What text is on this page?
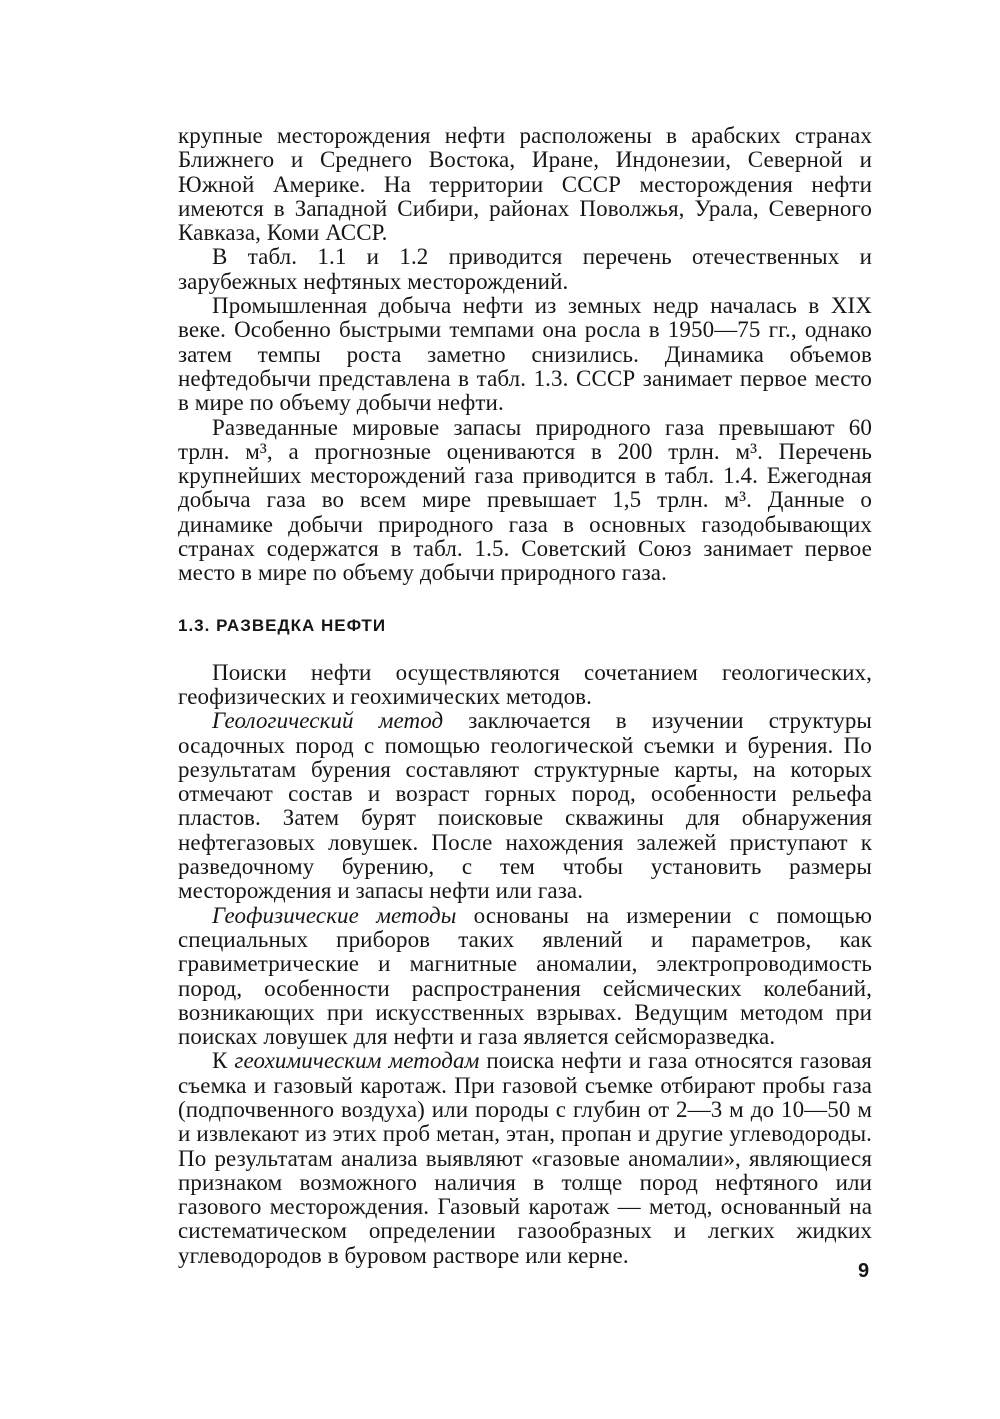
крупные месторождения нефти расположены в арабских странах Ближнего и Среднего Востока, Иране, Индонезии, Северной и Южной Америке. На территории СССР месторождения нефти имеются в Западной Сибири, районах Поволжья, Урала, Северного Кавказа, Коми АССР.

В табл. 1.1 и 1.2 приводится перечень отечественных и зарубежных нефтяных месторождений.

Промышленная добыча нефти из земных недр началась в XIX веке. Особенно быстрыми темпами она росла в 1950—75 гг., однако затем темпы роста заметно снизились. Динамика объемов нефтедобычи представлена в табл. 1.3. СССР занимает первое место в мире по объему добычи нефти.

Разведанные мировые запасы природного газа превышают 60 трлн. м³, а прогнозные оцениваются в 200 трлн. м³. Перечень крупнейших месторождений газа приводится в табл. 1.4. Ежегодная добыча газа во всем мире превышает 1,5 трлн. м³. Данные о динамике добычи природного газа в основных газодобывающих странах содержатся в табл. 1.5. Советский Союз занимает первое место в мире по объему добычи природного газа.

1.3. РАЗВЕДКА НЕФТИ

Поиски нефти осуществляются сочетанием геологических, геофизических и геохимических методов.

Геологический метод заключается в изучении структуры осадочных пород с помощью геологической съемки и бурения. По результатам бурения составляют структурные карты, на которых отмечают состав и возраст горных пород, особенности рельефа пластов. Затем бурят поисковые скважины для обнаружения нефтегазовых ловушек. После нахождения залежей приступают к разведочному бурению, с тем чтобы установить размеры месторождения и запасы нефти или газа.

Геофизические методы основаны на измерении с помощью специальных приборов таких явлений и параметров, как гравиметрические и магнитные аномалии, электропроводимость пород, особенности распространения сейсмических колебаний, возникающих при искусственных взрывах. Ведущим методом при поисках ловушек для нефти и газа является сейсморазведка.

К геохимическим методам поиска нефти и газа относятся газовая съемка и газовый каротаж. При газовой съемке отбирают пробы газа (подпочвенного воздуха) или породы с глубин от 2—3 м до 10—50 м и извлекают из этих проб метан, этан, пропан и другие углеводороды. По результатам анализа выявляют «газовые аномалии», являющиеся признаком возможного наличия в толще пород нефтяного или газового месторождения. Газовый каротаж — метод, основанный на систематическом определении газообразных и легких жидких углеводородов в буровом растворе или керне.

9
